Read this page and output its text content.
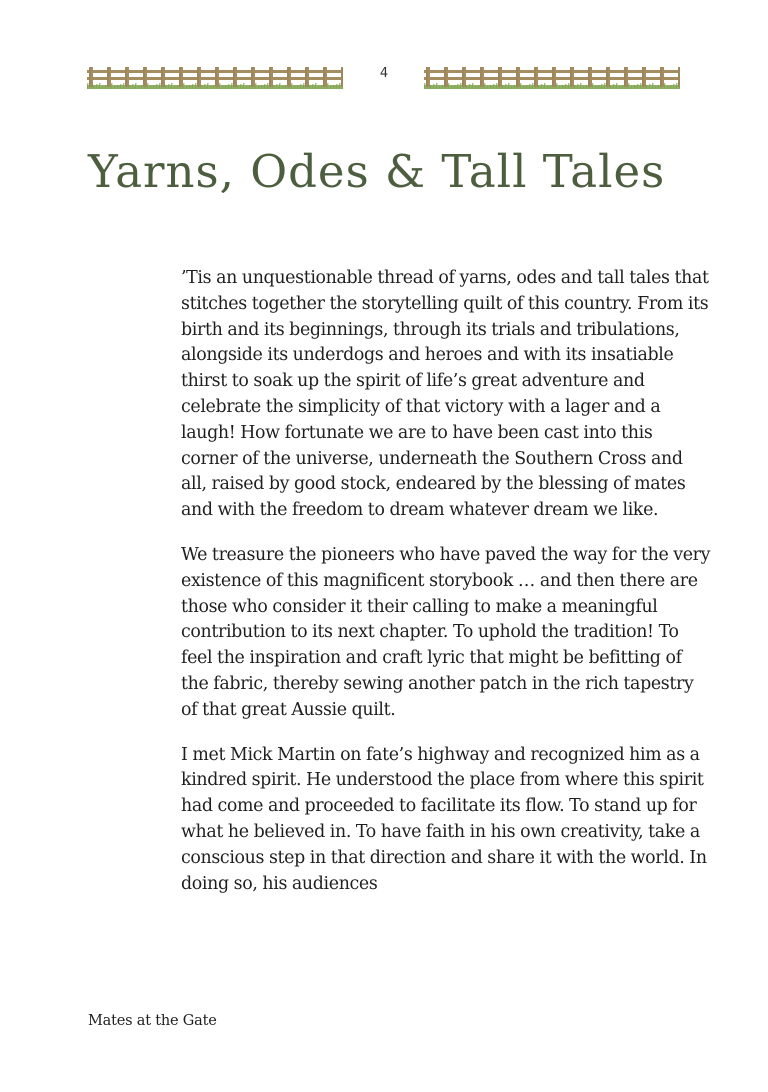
4
Yarns, Odes & Tall Tales

’Tis an unquestionable thread of yarns, odes and tall tales that stitches together the storytelling quilt of this country. From its birth and its beginnings, through its trials and tribulations, alongside its underdogs and heroes and with its insatiable thirst to soak up the spirit of life’s great adventure and celebrate the simplicity of that victory with a lager and a laugh! How fortunate we are to have been cast into this corner of the universe, underneath the Southern Cross and all, raised by good stock, endeared by the blessing of mates and with the freedom to dream whatever dream we like.

We treasure the pioneers who have paved the way for the very existence of this magnificent storybook … and then there are those who consider it their calling to make a meaningful contribution to its next chapter. To uphold the tradition! To feel the inspiration and craft lyric that might be befitting of the fabric, thereby sewing another patch in the rich tapestry of that great Aussie quilt.

I met Mick Martin on fate’s highway and recognized him as a kindred spirit. He understood the place from where this spirit had come and proceeded to facilitate its flow. To stand up for what he believed in. To have faith in his own creativity, take a conscious step in that direction and share it with the world. In doing so, his audiences

Mates at the Gate
